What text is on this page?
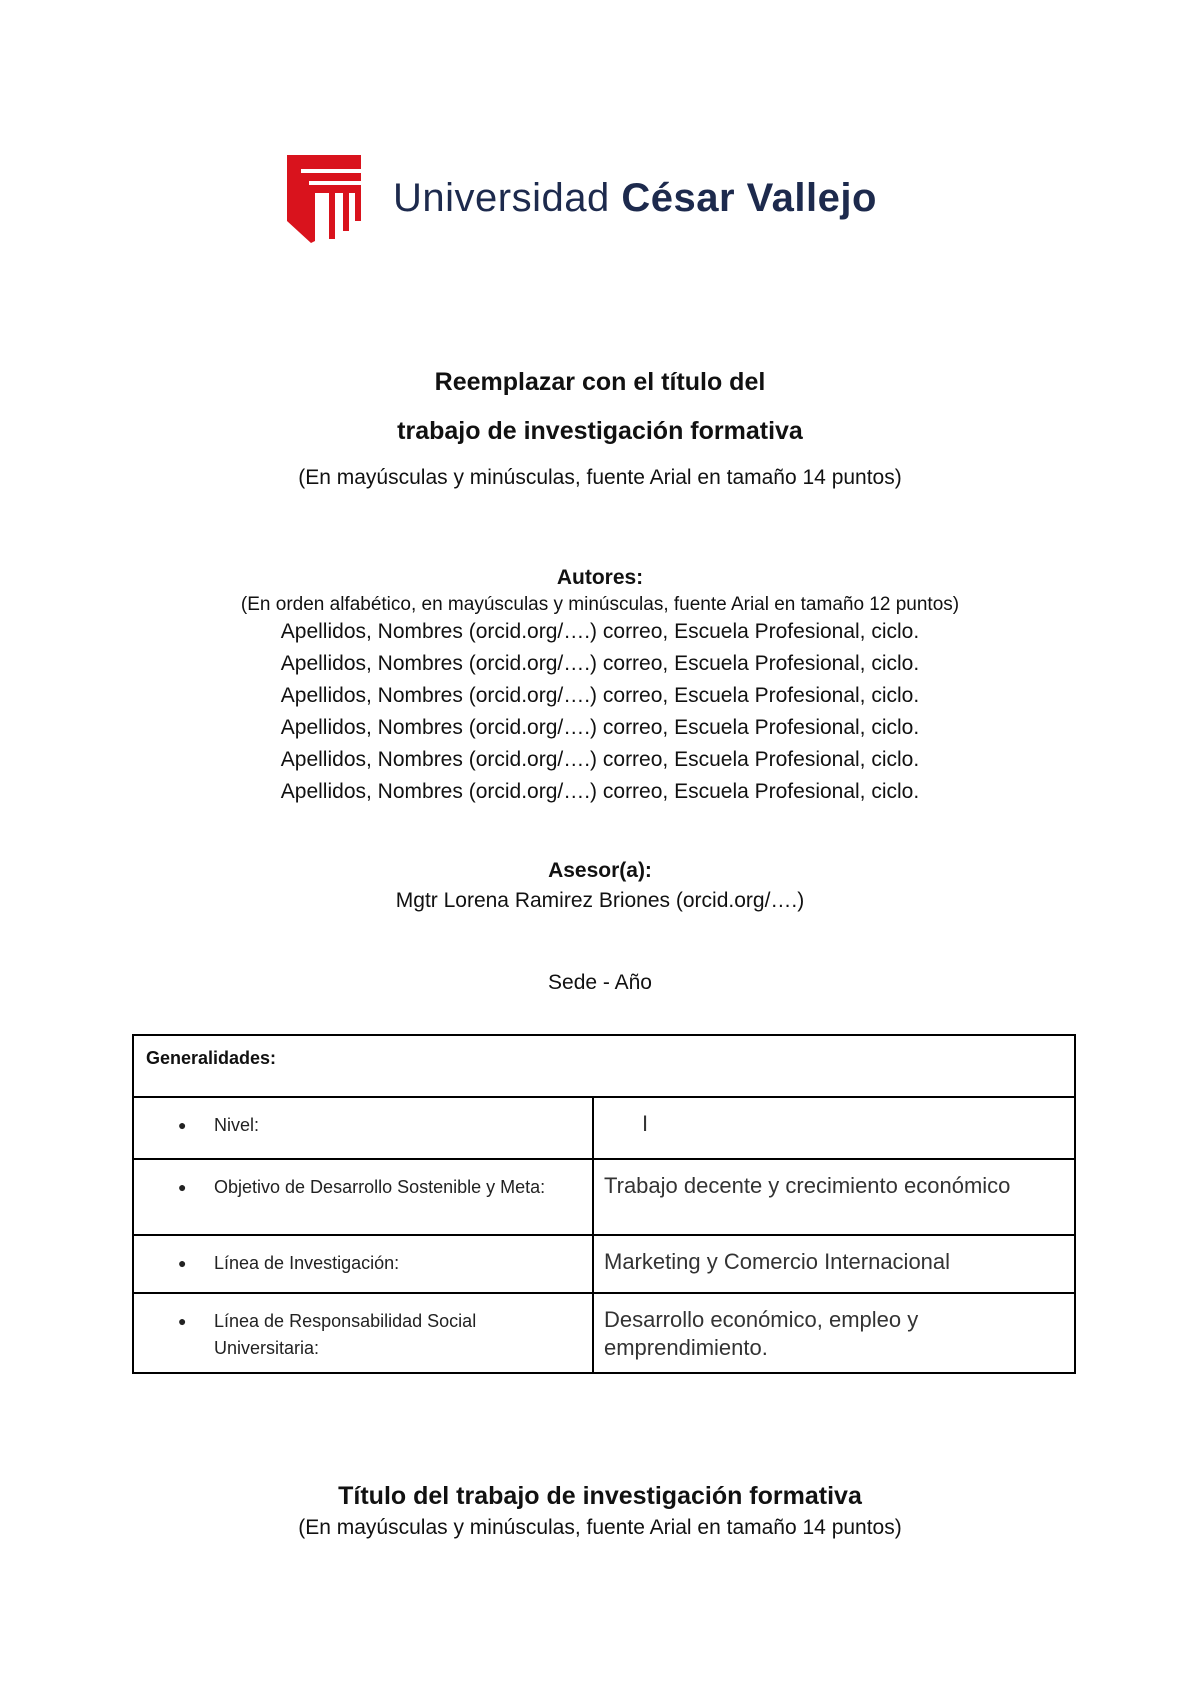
Universidad César Vallejo
Reemplazar con el título del
trabajo de investigación formativa
(En mayúsculas y minúsculas, fuente Arial en tamaño 14 puntos)
Autores:
(En orden alfabético, en mayúsculas y minúsculas, fuente Arial en tamaño 12 puntos)
Apellidos, Nombres (orcid.org/….) correo, Escuela Profesional, ciclo.
Apellidos, Nombres (orcid.org/….) correo, Escuela Profesional, ciclo.
Apellidos, Nombres (orcid.org/….) correo, Escuela Profesional, ciclo.
Apellidos, Nombres (orcid.org/….) correo, Escuela Profesional, ciclo.
Apellidos, Nombres (orcid.org/….) correo, Escuela Profesional, ciclo.
Apellidos, Nombres (orcid.org/….) correo, Escuela Profesional, ciclo.
Asesor(a):
Mgtr Lorena Ramirez Briones (orcid.org/….)
Sede - Año
Generalidades:	

● Nivel:	I

● Objetivo de Desarrollo Sostenible y Meta:	Trabajo decente y crecimiento económico

● Línea de Investigación:	Marketing y Comercio Internacional

● Línea de Responsabilidad Social Universitaria:	Desarrollo económico, empleo y emprendimiento.
Título del trabajo de investigación formativa
(En mayúsculas y minúsculas, fuente Arial en tamaño 14 puntos)
